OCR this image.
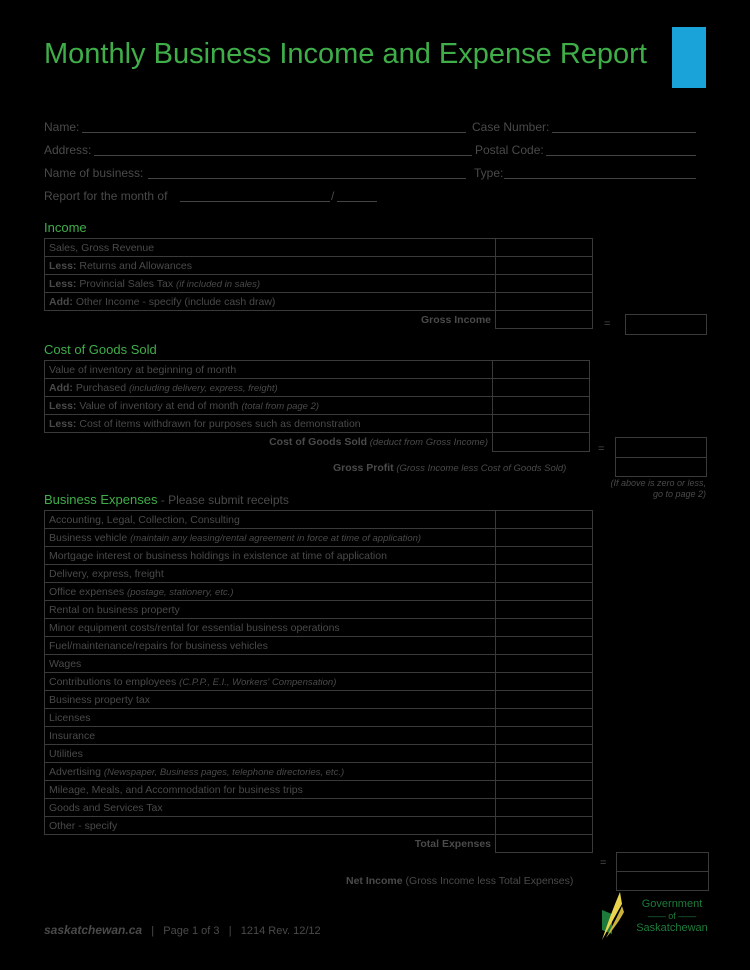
Monthly Business Income and Expense Report
Name:	Case Number:
Address:	Postal Code:
Name of business:	Type:
Report for the month of	/
Income
Sales, Gross Revenue	
Less: Returns and Allowances	
Less: Provincial Sales Tax (if included in sales)	
Add: Other Income - specify (include cash draw)	
Gross Income		=
Cost of Goods Sold
Value of inventory at beginning of month	
Add: Purchased (including delivery, express, freight)	
Less: Value of inventory at end of month (total from page 2)	
Less: Cost of items withdrawn for purposes such as demonstration	
Cost of Goods Sold (deduct from Gross Income)	
=
Gross Profit (Gross Income less Cost of Goods Sold)
(If above is zero or less, go to page 2)
Business Expenses - Please submit receipts
Accounting, Legal, Collection, Consulting	
Business vehicle (maintain any leasing/rental agreement in force at time of application)	
Mortgage interest or business holdings in existence at time of application	
Delivery, express, freight	
Office expenses (postage, stationery, etc.)	
Rental on business property	
Minor equipment costs/rental for essential business operations	
Fuel/maintenance/repairs for business vehicles	
Wages	
Contributions to employees (C.P.P., E.I., Workers' Compensation)	
Business property tax	
Licenses	
Insurance	
Utilities	
Advertising (Newspaper, Business pages, telephone directories, etc.)	
Mileage, Meals, and Accommodation for business trips	
Goods and Services Tax	
Other - specify	
Total Expenses	
=
Net Income (Gross Income less Total Expenses)
saskatchewan.ca | Page 1 of 3 | 1214 Rev. 12/12
Government
—— of ——
Saskatchewan
